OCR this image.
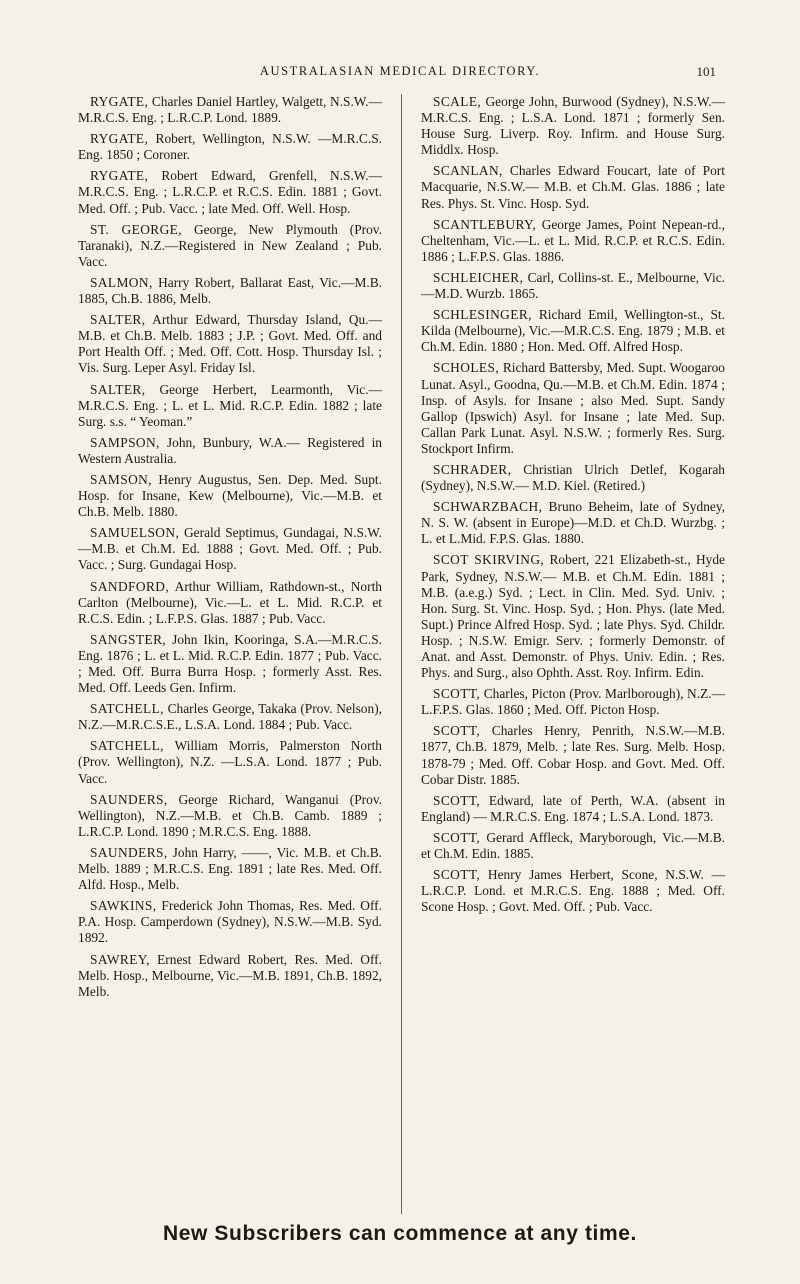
AUSTRALASIAN MEDICAL DIRECTORY.	101

RYGATE, Charles Daniel Hartley, Walgett, N.S.W.—M.R.C.S. Eng. ; L.R.C.P. Lond. 1889.

RYGATE, Robert, Wellington, N.S.W. —M.R.C.S. Eng. 1850 ; Coroner.

RYGATE, Robert Edward, Grenfell, N.S.W.—M.R.C.S. Eng. ; L.R.C.P. et R.C.S. Edin. 1881 ; Govt. Med. Off. ; Pub. Vacc. ; late Med. Off. Well. Hosp.

ST. GEORGE, George, New Plymouth (Prov. Taranaki), N.Z.—Registered in New Zealand ; Pub. Vacc.

SALMON, Harry Robert, Ballarat East, Vic.—M.B. 1885, Ch.B. 1886, Melb.

SALTER, Arthur Edward, Thursday Island, Qu.—M.B. et Ch.B. Melb. 1883 ; J.P. ; Govt. Med. Off. and Port Health Off. ; Med. Off. Cott. Hosp. Thursday Isl. ; Vis. Surg. Leper Asyl. Friday Isl.

SALTER, George Herbert, Learmonth, Vic.—M.R.C.S. Eng. ; L. et L. Mid. R.C.P. Edin. 1882 ; late Surg. s.s. “ Yeoman.”

SAMPSON, John, Bunbury, W.A.— Registered in Western Australia.

SAMSON, Henry Augustus, Sen. Dep. Med. Supt. Hosp. for Insane, Kew (Melbourne), Vic.—M.B. et Ch.B. Melb. 1880.

SAMUELSON, Gerald Septimus, Gundagai, N.S.W.—M.B. et Ch.M. Ed. 1888 ; Govt. Med. Off. ; Pub. Vacc. ; Surg. Gundagai Hosp.

SANDFORD, Arthur William, Rathdown-st., North Carlton (Melbourne), Vic.—L. et L. Mid. R.C.P. et R.C.S. Edin. ; L.F.P.S. Glas. 1887 ; Pub. Vacc.

SANGSTER, John Ikin, Kooringa, S.A.—M.R.C.S. Eng. 1876 ; L. et L. Mid. R.C.P. Edin. 1877 ; Pub. Vacc. ; Med. Off. Burra Burra Hosp. ; formerly Asst. Res. Med. Off. Leeds Gen. Infirm.

SATCHELL, Charles George, Takaka (Prov. Nelson), N.Z.—M.R.C.S.E., L.S.A. Lond. 1884 ; Pub. Vacc.

SATCHELL, William Morris, Palmerston North (Prov. Wellington), N.Z. —L.S.A. Lond. 1877 ; Pub. Vacc.

SAUNDERS, George Richard, Wanganui (Prov. Wellington), N.Z.—M.B. et Ch.B. Camb. 1889 ; L.R.C.P. Lond. 1890 ; M.R.C.S. Eng. 1888.

SAUNDERS, John Harry, ——, Vic. M.B. et Ch.B. Melb. 1889 ; M.R.C.S. Eng. 1891 ; late Res. Med. Off. Alfd. Hosp., Melb.

SAWKINS, Frederick John Thomas, Res. Med. Off. P.A. Hosp. Camperdown (Sydney), N.S.W.—M.B. Syd. 1892.

SAWREY, Ernest Edward Robert, Res. Med. Off. Melb. Hosp., Melbourne, Vic.—M.B. 1891, Ch.B. 1892, Melb.

SCALE, George John, Burwood (Sydney), N.S.W.—M.R.C.S. Eng. ; L.S.A. Lond. 1871 ; formerly Sen. House Surg. Liverp. Roy. Infirm. and House Surg. Middlx. Hosp.

SCANLAN, Charles Edward Foucart, late of Port Macquarie, N.S.W.— M.B. et Ch.M. Glas. 1886 ; late Res. Phys. St. Vinc. Hosp. Syd.

SCANTLEBURY, George James, Point Nepean-rd., Cheltenham, Vic.—L. et L. Mid. R.C.P. et R.C.S. Edin. 1886 ; L.F.P.S. Glas. 1886.

SCHLEICHER, Carl, Collins-st. E., Melbourne, Vic.—M.D. Wurzb. 1865.

SCHLESINGER, Richard Emil, Wellington-st., St. Kilda (Melbourne), Vic.—M.R.C.S. Eng. 1879 ; M.B. et Ch.M. Edin. 1880 ; Hon. Med. Off. Alfred Hosp.

SCHOLES, Richard Battersby, Med. Supt. Woogaroo Lunat. Asyl., Goodna, Qu.—M.B. et Ch.M. Edin. 1874 ; Insp. of Asyls. for Insane ; also Med. Supt. Sandy Gallop (Ipswich) Asyl. for Insane ; late Med. Sup. Callan Park Lunat. Asyl. N.S.W. ; formerly Res. Surg. Stockport Infirm.

SCHRADER, Christian Ulrich Detlef, Kogarah (Sydney), N.S.W.— M.D. Kiel. (Retired.)

SCHWARZBACH, Bruno Beheim, late of Sydney, N. S. W. (absent in Europe)—M.D. et Ch.D. Wurzbg. ; L. et L.Mid. F.P.S. Glas. 1880.

SCOT SKIRVING, Robert, 221 Elizabeth-st., Hyde Park, Sydney, N.S.W.— M.B. et Ch.M. Edin. 1881 ; M.B. (a.e.g.) Syd. ; Lect. in Clin. Med. Syd. Univ. ; Hon. Surg. St. Vinc. Hosp. Syd. ; Hon. Phys. (late Med. Supt.) Prince Alfred Hosp. Syd. ; late Phys. Syd. Childr. Hosp. ; N.S.W. Emigr. Serv. ; formerly Demonstr. of Anat. and Asst. Demonstr. of Phys. Univ. Edin. ; Res. Phys. and Surg., also Ophth. Asst. Roy. Infirm. Edin.

SCOTT, Charles, Picton (Prov. Marlborough), N.Z.—L.F.P.S. Glas. 1860 ; Med. Off. Picton Hosp.

SCOTT, Charles Henry, Penrith, N.S.W.—M.B. 1877, Ch.B. 1879, Melb. ; late Res. Surg. Melb. Hosp. 1878-79 ; Med. Off. Cobar Hosp. and Govt. Med. Off. Cobar Distr. 1885.

SCOTT, Edward, late of Perth, W.A. (absent in England) — M.R.C.S. Eng. 1874 ; L.S.A. Lond. 1873.

SCOTT, Gerard Affleck, Maryborough, Vic.—M.B. et Ch.M. Edin. 1885.

SCOTT, Henry James Herbert, Scone, N.S.W. — L.R.C.P. Lond. et M.R.C.S. Eng. 1888 ; Med. Off. Scone Hosp. ; Govt. Med. Off. ; Pub. Vacc.

New Subscribers can commence at any time.
